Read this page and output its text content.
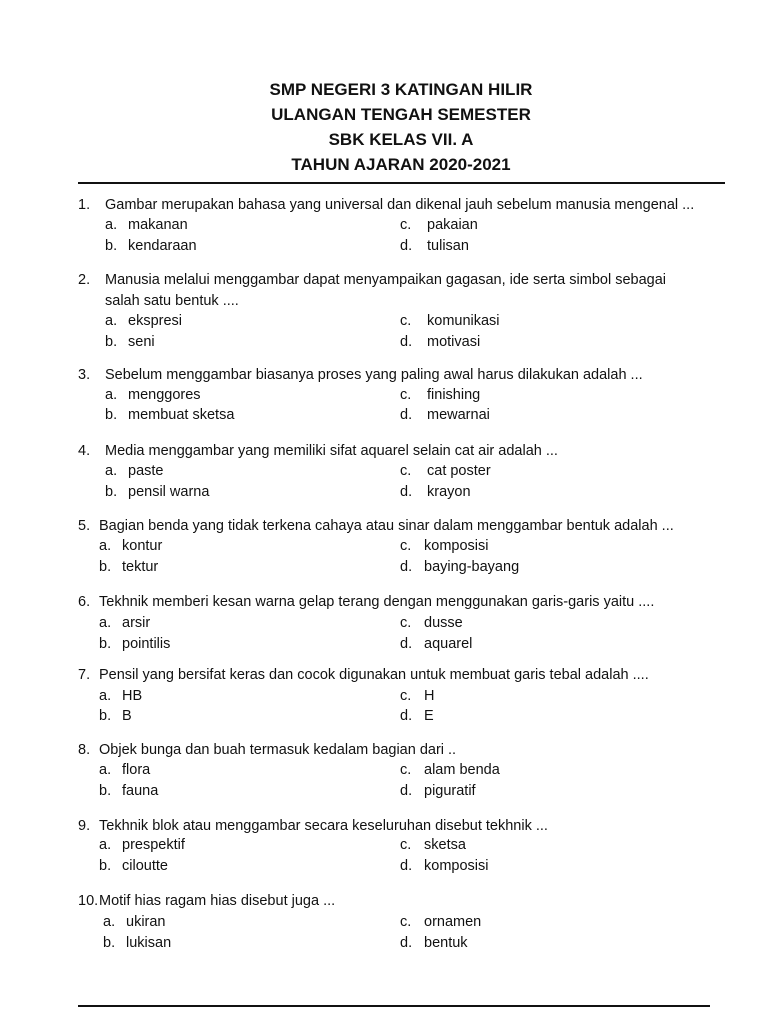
SMP NEGERI 3 KATINGAN HILIR
ULANGAN TENGAH SEMESTER
SBK KELAS VII. A
TAHUN AJARAN 2020-2021
1. Gambar merupakan bahasa yang universal dan dikenal jauh sebelum manusia mengenal ...
a. makanan
b. kendaraan
c. pakaian
d. tulisan
2. Manusia melalui menggambar dapat menyampaikan gagasan, ide serta simbol sebagai
salah satu bentuk ....
a. ekspresi
b. seni
c. komunikasi
d. motivasi
3. Sebelum menggambar biasanya proses yang paling awal harus dilakukan adalah ...
a. menggores
b. membuat sketsa
c. finishing
d. mewarnai
4. Media menggambar yang memiliki sifat aquarel selain cat air adalah ...
a. paste
b. pensil warna
c. cat poster
d. krayon
5. Bagian benda yang tidak terkena cahaya atau sinar dalam menggambar bentuk adalah ...
a. kontur
b. tektur
c. komposisi
d. baying-bayang
6. Tekhnik memberi kesan warna gelap terang dengan menggunakan garis-garis yaitu ....
a. arsir
b. pointilis
c. dusse
d. aquarel
7. Pensil yang bersifat keras dan cocok digunakan untuk membuat garis tebal adalah ....
a. HB
b. B
c. H
d. E
8. Objek bunga dan buah termasuk kedalam bagian dari ..
a. flora
b. fauna
c. alam benda
d. piguratif
9. Tekhnik blok atau menggambar secara keseluruhan disebut tekhnik ...
a. prespektif
b. ciloutte
c. sketsa
d. komposisi
10. Motif hias ragam hias disebut juga ...
a. ukiran
b. lukisan
c. ornamen
d. bentuk
